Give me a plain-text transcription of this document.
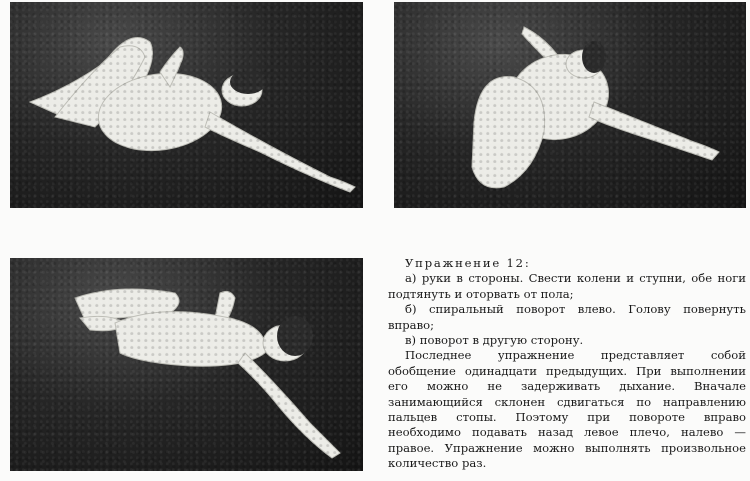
Упражнение 12:

а) руки в стороны. Свести колени и ступни, обе ноги подтянуть и оторвать от пола;

б) спиральный поворот влево. Голову повернуть вправо;

в) поворот в другую сторону.

Последнее упражнение представляет собой обобщение одинадцати предыдущих. При выполнении его можно не задерживать дыхание. Вначале занимающийся склонен сдвигаться по направлению пальцев стопы. Поэтому при повороте вправо необходимо подавать назад левое плечо, налево — правое. Упражнение можно выполнять произвольное количество раз.
